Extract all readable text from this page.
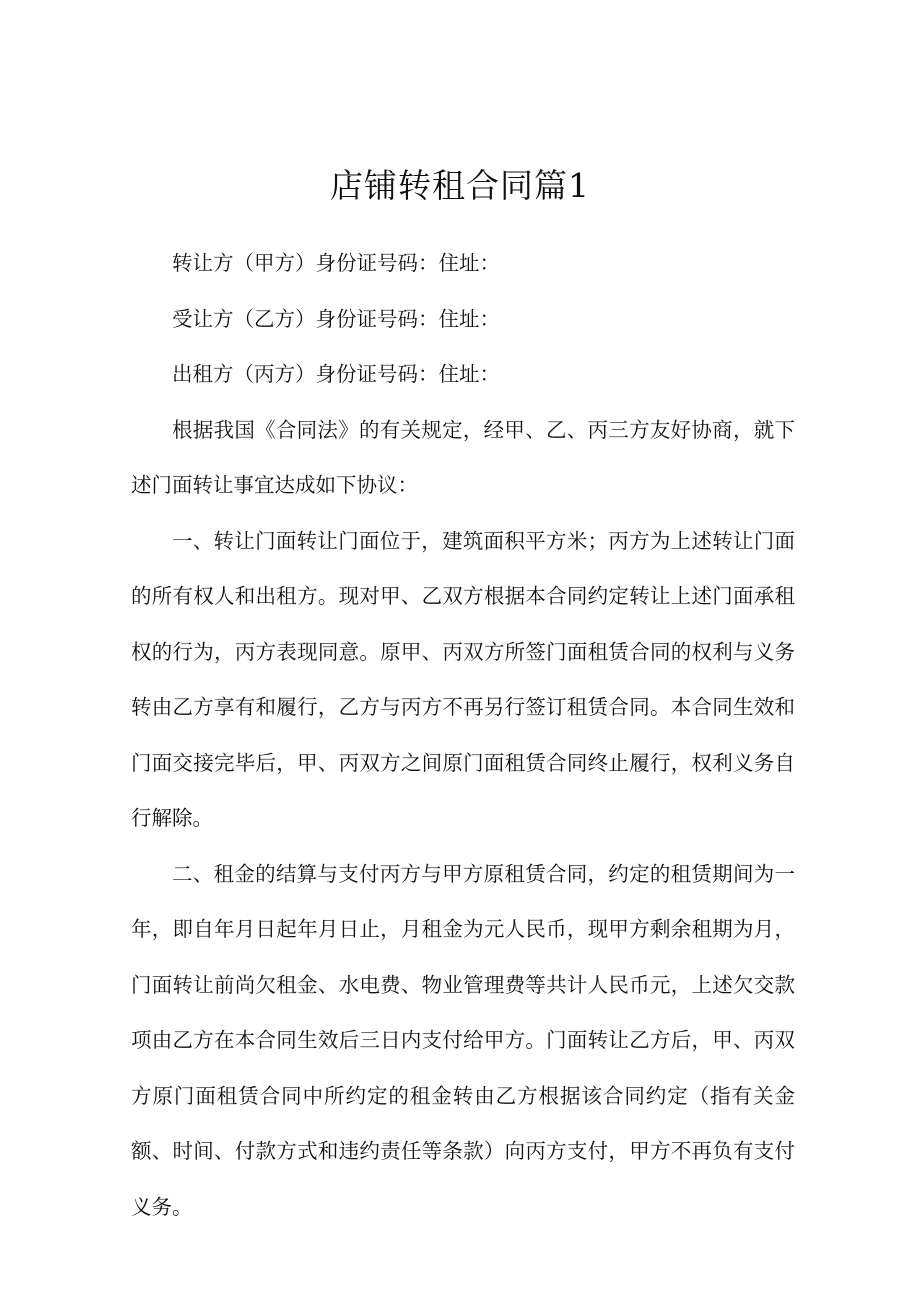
店铺转租合同篇1

转让方（甲方）身份证号码：住址：

受让方（乙方）身份证号码：住址：

出租方（丙方）身份证号码：住址：

根据我国《合同法》的有关规定，经甲、乙、丙三方友好协商，就下述门面转让事宜达成如下协议：

一、转让门面转让门面位于，建筑面积平方米；丙方为上述转让门面的所有权人和出租方。现对甲、乙双方根据本合同约定转让上述门面承租权的行为，丙方表现同意。原甲、丙双方所签门面租赁合同的权利与义务转由乙方享有和履行，乙方与丙方不再另行签订租赁合同。本合同生效和门面交接完毕后，甲、丙双方之间原门面租赁合同终止履行，权利义务自行解除。

二、租金的结算与支付丙方与甲方原租赁合同，约定的租赁期间为一年，即自年月日起年月日止，月租金为元人民币，现甲方剩余租期为月，门面转让前尚欠租金、水电费、物业管理费等共计人民币元，上述欠交款项由乙方在本合同生效后三日内支付给甲方。门面转让乙方后，甲、丙双方原门面租赁合同中所约定的租金转由乙方根据该合同约定（指有关金额、时间、付款方式和违约责任等条款）向丙方支付，甲方不再负有支付义务。
